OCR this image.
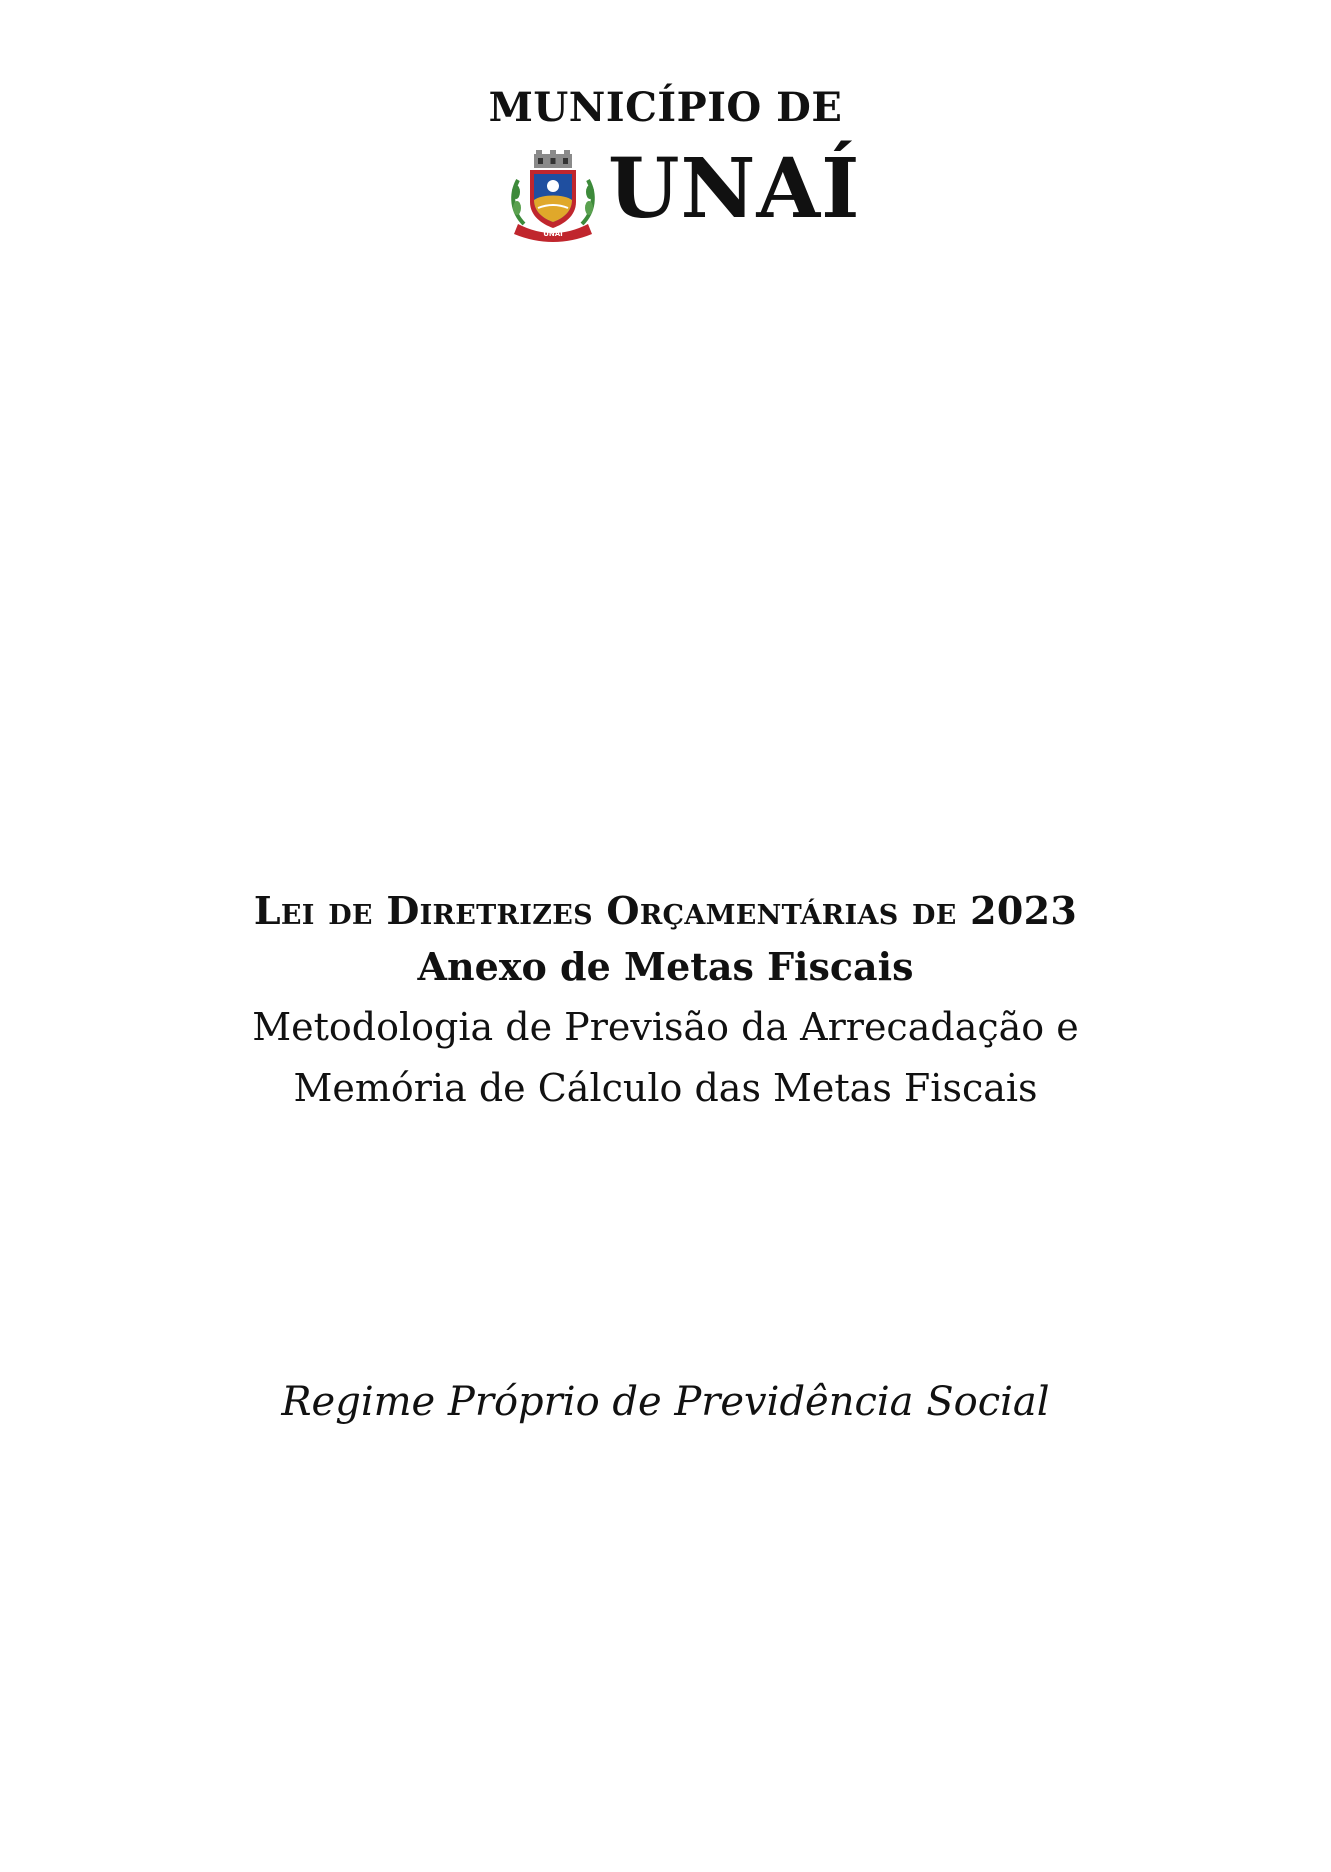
MUNICÍPIO DE
UNAÍ UNAÍ
Lei de Diretrizes Orçamentárias de 2023
Anexo de Metas Fiscais
Metodologia de Previsão da Arrecadação e
Memória de Cálculo das Metas Fiscais
Regime Próprio de Previdência Social
